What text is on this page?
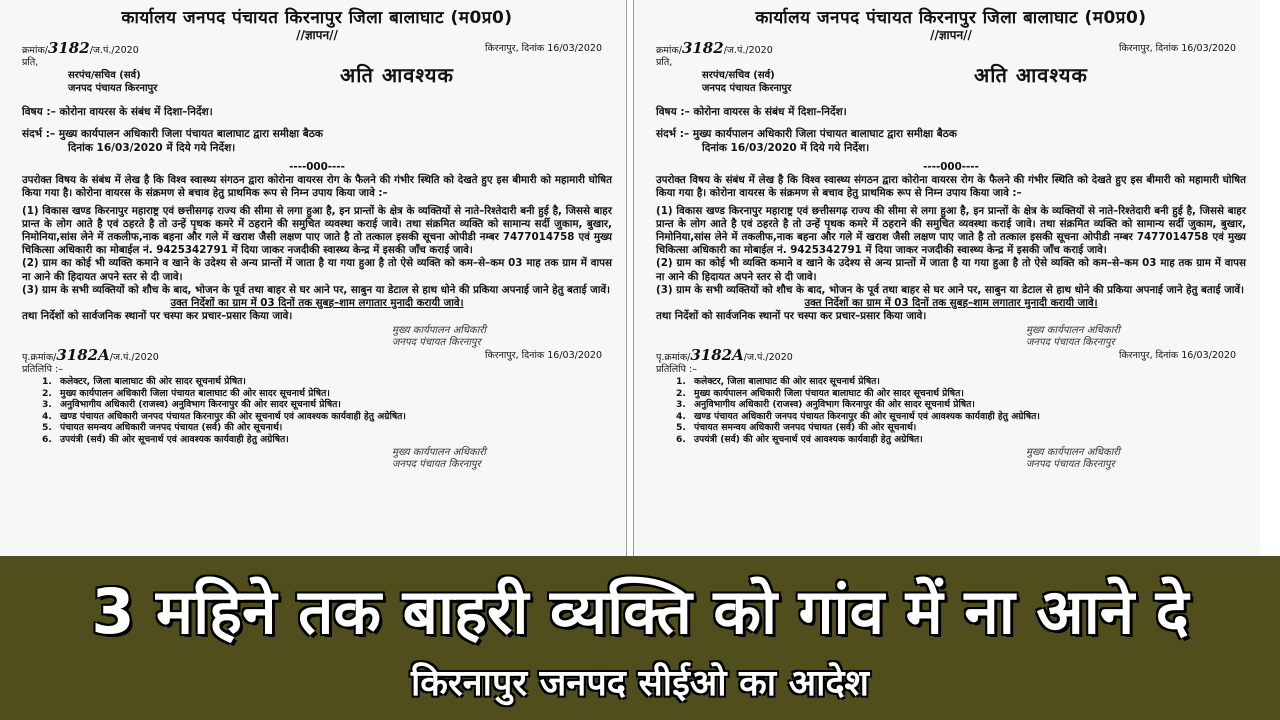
कार्यालय जनपद पंचायत किरनापुर जिला बालाघाट (म0प्र0)
//ज्ञापन//
क्रमांक/3182/ज.पं./2020	किरनापुर, दिनांक 16/03/2020
प्रति,
सरपंच/सचिव (सर्व)
जनपद पंचायत किरनापुर
अति आवश्यक
विषय :– कोरोना वायरस के संबंध में दिशा–निर्देश।
संदर्भ :– मुख्य कार्यपालन अधिकारी जिला पंचायत बालाघाट द्वारा समीक्षा बैठक
दिनांक 16/03/2020 में दिये गये निर्देश।
----000----
उपरोक्त विषय के संबंध में लेख है कि विश्व स्वास्थ्य संगठन द्वारा कोरोना वायरस रोग के फैलने की गंभीर स्थिति को देखते हुए इस बीमारी को महामारी घोषित किया गया है। कोरोना वायरस के संक्रमण से बचाव हेतु प्राथमिक रूप से निम्न उपाय किया जावे :–
(1) विकास खण्ड किरनापुर महाराष्ट्र एवं छत्तीसगढ़ राज्य की सीमा से लगा हुआ है, इन प्रान्तों के क्षेत्र के व्यक्तियों से नाते–रिश्तेदारी बनी हुई है, जिससे बाहर प्रान्त के लोग आते है एवं ठहरते है तो उन्हें पृथक कमरे में ठहराने की समुचित व्यवस्था कराई जावे। तथा संक्रमित व्यक्ति को सामान्य सर्दी जुकाम, बुखार, निमोनिया,सांस लेने में तकलीफ,नाक बहना और गले में खराश जैसी लक्षण पाए जाते है तो तत्काल इसकी सूचना ओपीडी नम्बर 7477014758 एवं मुख्य चिकित्सा अधिकारी का मोबाईल नं. 9425342791 में दिया जाकर नजदीकी स्वास्थ्य केन्द्र में इसकी जाँच कराई जावे।
(2) ग्राम का कोई भी व्यक्ति कमाने व खाने के उदेश्य से अन्य प्रान्तों में जाता है या गया हुआ है तो ऐसे व्यक्ति को कम–से–कम 03 माह तक ग्राम में वापस ना आने की हिदायत अपने स्तर से दी जावे।
(3) ग्राम के सभी व्यक्तियों को शौच के बाद, भोजन के पूर्व तथा बाहर से घर आने पर, साबुन या डेटाल से हाथ धोने की प्रकिया अपनाई जाने हेतु बताई जावें।
उक्त निर्देशों का ग्राम में 03 दिनों तक सुबह–शाम लगातार मुनादी करायी जावे।
तथा निर्देशों को सार्वजनिक स्थानों पर चस्पा कर प्रचार–प्रसार किया जावे।
मुख्य कार्यपालन अधिकारी
जनपद पंचायत किरनापुर
पृ.क्रमांक/3182A/ज.पं./2020	किरनापुर, दिनांक 16/03/2020
प्रतिलिपि :–
1. कलेक्टर, जिला बालाघाट की ओर सादर सूचनार्थ प्रेषित।
2. मुख्य कार्यपालन अधिकारी जिला पंचायत बालाघाट की ओर सादर सूचनार्थ प्रेषित।
3. अनुविभागीय अधिकारी (राजस्व) अनुविभाग किरनापुर की ओर सादर सूचनार्थ प्रेषित।
4. खण्ड पंचायत अधिकारी जनपद पंचायत किरनापुर की ओर सूचनार्थ एवं आवश्यक कार्यवाही हेतु अग्रेषित।
5. पंचायत समन्वय अधिकारी जनपद पंचायत (सर्व) की ओर सूचनार्थ।
6. उपयंत्री (सर्व) की ओर सूचनार्थ एवं आवश्यक कार्यवाही हेतु अग्रेषित।
मुख्य कार्यपालन अधिकारी
जनपद पंचायत किरनापुर
कार्यालय जनपद पंचायत किरनापुर जिला बालाघाट (म0प्र0)
//ज्ञापन//
क्रमांक/3182/ज.पं./2020	किरनापुर, दिनांक 16/03/2020
प्रति,
सरपंच/सचिव (सर्व)
जनपद पंचायत किरनापुर
अति आवश्यक
विषय :– कोरोना वायरस के संबंध में दिशा–निर्देश।
संदर्भ :– मुख्य कार्यपालन अधिकारी जिला पंचायत बालाघाट द्वारा समीक्षा बैठक
दिनांक 16/03/2020 में दिये गये निर्देश।
----000----
उपरोक्त विषय के संबंध में लेख है कि विश्व स्वास्थ्य संगठन द्वारा कोरोना वायरस रोग के फैलने की गंभीर स्थिति को देखते हुए इस बीमारी को महामारी घोषित किया गया है। कोरोना वायरस के संक्रमण से बचाव हेतु प्राथमिक रूप से निम्न उपाय किया जावे :–
(1) विकास खण्ड किरनापुर महाराष्ट्र एवं छत्तीसगढ़ राज्य की सीमा से लगा हुआ है, इन प्रान्तों के क्षेत्र के व्यक्तियों से नाते–रिश्तेदारी बनी हुई है, जिससे बाहर प्रान्त के लोग आते है एवं ठहरते है तो उन्हें पृथक कमरे में ठहराने की समुचित व्यवस्था कराई जावे। तथा संक्रमित व्यक्ति को सामान्य सर्दी जुकाम, बुखार, निमोनिया,सांस लेने में तकलीफ,नाक बहना और गले में खराश जैसी लक्षण पाए जाते है तो तत्काल इसकी सूचना ओपीडी नम्बर 7477014758 एवं मुख्य चिकित्सा अधिकारी का मोबाईल नं. 9425342791 में दिया जाकर नजदीकी स्वास्थ्य केन्द्र में इसकी जाँच कराई जावे।
(2) ग्राम का कोई भी व्यक्ति कमाने व खाने के उदेश्य से अन्य प्रान्तों में जाता है या गया हुआ है तो ऐसे व्यक्ति को कम–से–कम 03 माह तक ग्राम में वापस ना आने की हिदायत अपने स्तर से दी जावे।
(3) ग्राम के सभी व्यक्तियों को शौच के बाद, भोजन के पूर्व तथा बाहर से घर आने पर, साबुन या डेटाल से हाथ धोने की प्रकिया अपनाई जाने हेतु बताई जावें।
उक्त निर्देशों का ग्राम में 03 दिनों तक सुबह–शाम लगातार मुनादी करायी जावे।
तथा निर्देशों को सार्वजनिक स्थानों पर चस्पा कर प्रचार–प्रसार किया जावे।
मुख्य कार्यपालन अधिकारी
जनपद पंचायत किरनापुर
पृ.क्रमांक/3182A/ज.पं./2020	किरनापुर, दिनांक 16/03/2020
प्रतिलिपि :–
1. कलेक्टर, जिला बालाघाट की ओर सादर सूचनार्थ प्रेषित।
2. मुख्य कार्यपालन अधिकारी जिला पंचायत बालाघाट की ओर सादर सूचनार्थ प्रेषित।
3. अनुविभागीय अधिकारी (राजस्व) अनुविभाग किरनापुर की ओर सादर सूचनार्थ प्रेषित।
4. खण्ड पंचायत अधिकारी जनपद पंचायत किरनापुर की ओर सूचनार्थ एवं आवश्यक कार्यवाही हेतु अग्रेषित।
5. पंचायत समन्वय अधिकारी जनपद पंचायत (सर्व) की ओर सूचनार्थ।
6. उपयंत्री (सर्व) की ओर सूचनार्थ एवं आवश्यक कार्यवाही हेतु अग्रेषित।
मुख्य कार्यपालन अधिकारी
जनपद पंचायत किरनापुर
3 महिने तक बाहरी व्यक्ति को गांव में ना आने दे
किरनापुर जनपद सीईओ का आदेश
